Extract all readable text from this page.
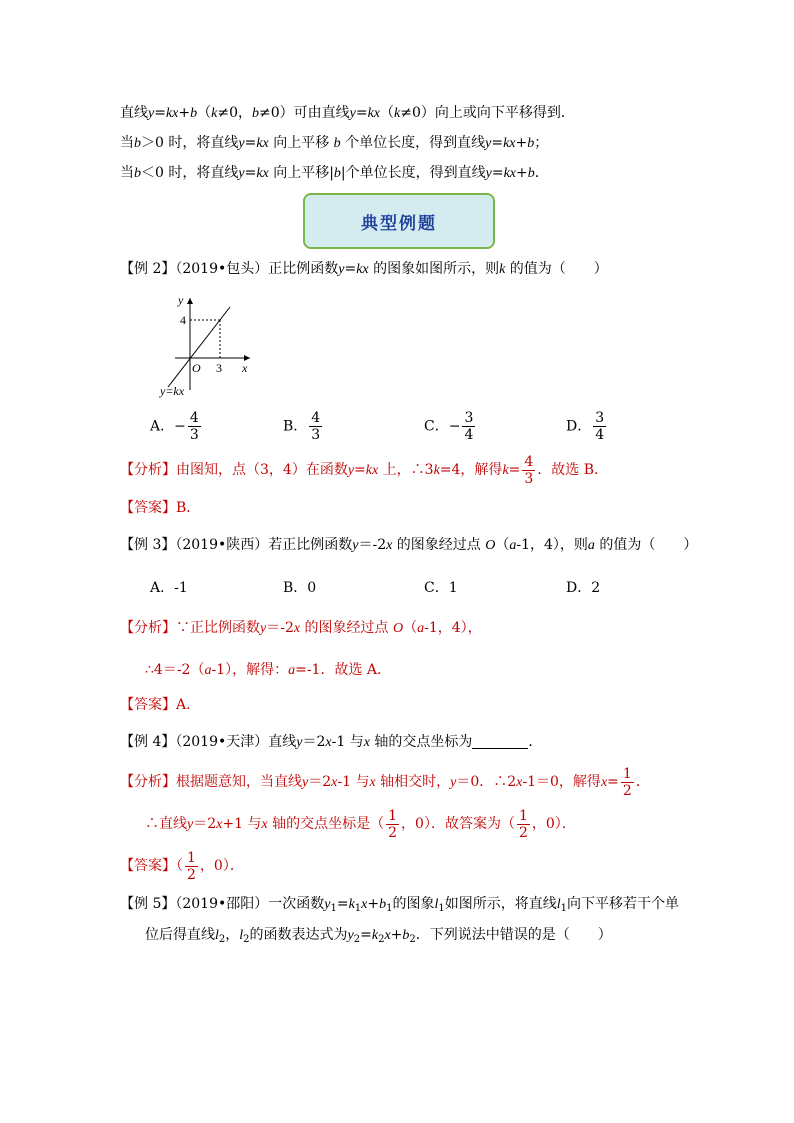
直线y=kx+b（k≠0，b≠0）可由直线y=kx（k≠0）向上或向下平移得到．
当b＞0 时，将直线y=kx 向上平移 b 个单位长度，得到直线y=kx+b；
当b＜0 时，将直线y=kx 向上平移|b|个单位长度，得到直线y=kx+b．
典型例题
【例 2】（2019•包头）正比例函数y=kx 的图象如图所示，则k 的值为（　　）
y
x
O
4
3
y=kx
A．− $\frac{4}{3}$	B． $\frac{4}{3}$	C．− $\frac{3}{4}$	D． $\frac{3}{4}$
【分析】由图知，点（3，4）在函数y=kx 上，∴3k=4，解得$k= \frac{4}{3}$ ．故选 B．
【答案】B．
【例 3】（2019•陕西）若正比例函数y＝-2x 的图象经过点 O（a-1，4），则a 的值为（　　）
A．-1	B．0	C．1	D．2
【分析】∵正比例函数y＝-2x 的图象经过点 O（a-1，4），
∴4＝-2（a-1），解得：a=-1．故选 A．
【答案】A．
【例 4】（2019•天津）直线y＝2x-1 与x 轴的交点坐标为	．
【分析】根据题意知，当直线y＝2x-1 与x 轴相交时，y＝0．∴2x-1＝0，解得$x= \frac{1}{2}$ ．
∴直线y＝2x+1 与x 轴的交点坐标是（ $\frac{1}{2}$ ，0）．故答案为（ $\frac{1}{2}$ ，0）．
【答案】（ $\frac{1}{2}$ ，0）．
【例 5】（2019•邵阳）一次函数$y_1=k_1x+b_1$的图象$l_1$如图所示，将直线$l_1$向下平移若干个单
位后得直线$l_2$，$l_2$的函数表达式为$y_2=k_2x+b_2$．下列说法中错误的是（　　）
